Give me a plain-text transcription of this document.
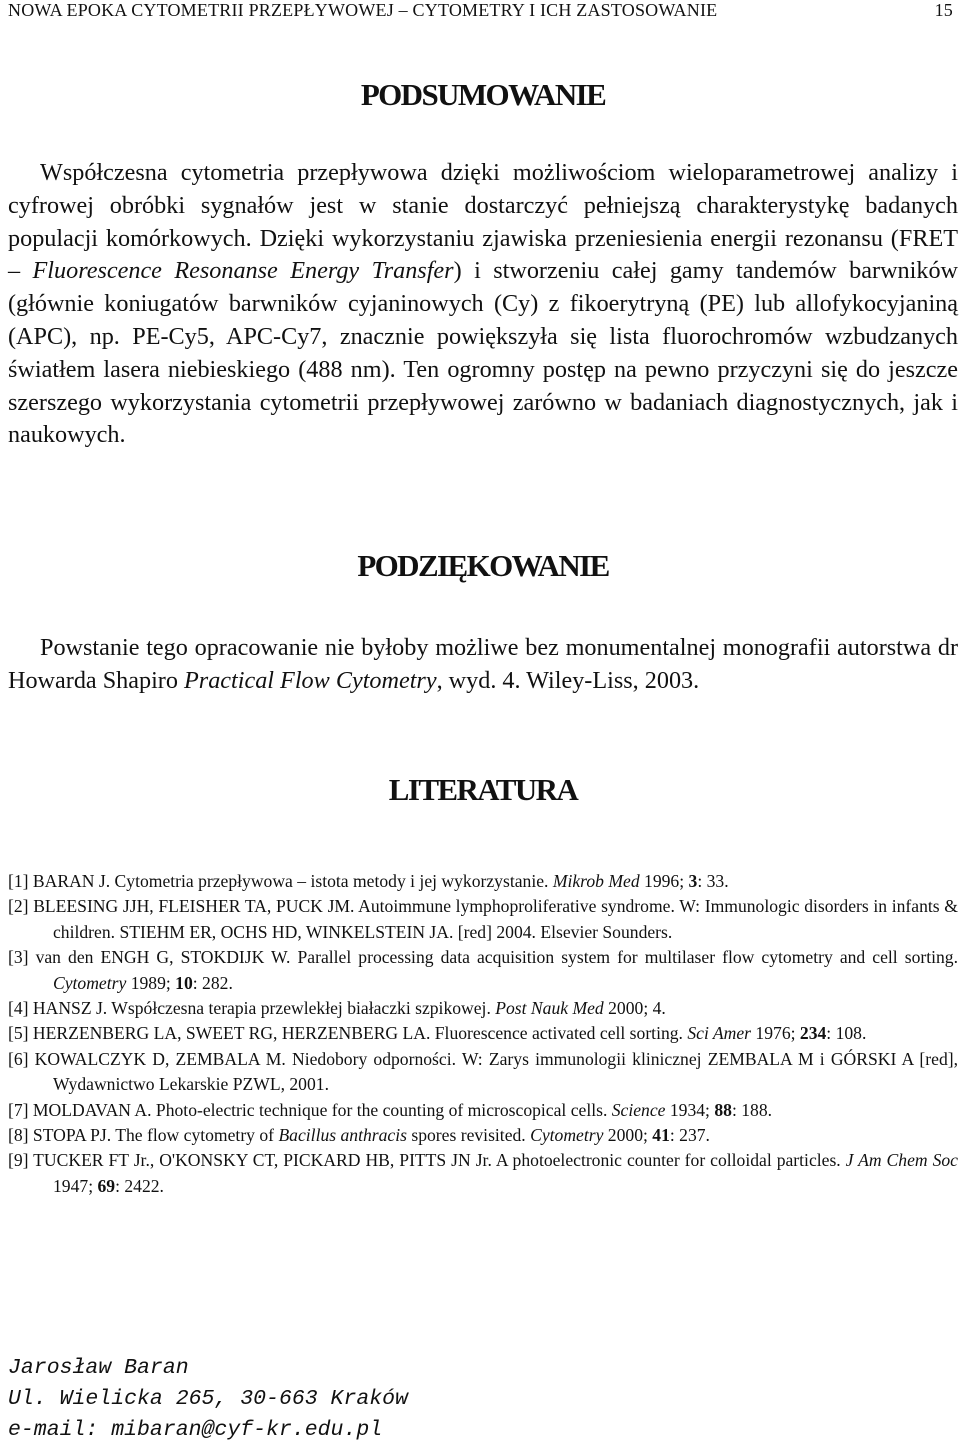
NOWA EPOKA CYTOMETRII PRZEPŁYWOWEJ – CYTOMETRY I ICH ZASTOSOWANIE	15
PODSUMOWANIE

Współczesna cytometria przepływowa dzięki możliwościom wieloparametrowej analizy i cyfrowej obróbki sygnałów jest w stanie dostarczyć pełniejszą charakterystykę badanych populacji komórkowych. Dzięki wykorzystaniu zjawiska przeniesienia energii rezonansu (FRET – Fluorescence Resonanse Energy Transfer) i stworzeniu całej gamy tandemów barwników (głównie koniugatów barwników cyjaninowych (Cy) z fikoerytryną (PE) lub allofykocyjaniną (APC), np. PE-Cy5, APC-Cy7, znacznie powiększyła się lista fluorochromów wzbudzanych światłem lasera niebieskiego (488 nm). Ten ogromny postęp na pewno przyczyni się do jeszcze szerszego wykorzystania cytometrii przepływowej zarówno w badaniach diagnostycznych, jak i naukowych.

PODZIĘKOWANIE

Powstanie tego opracowanie nie byłoby możliwe bez monumentalnej monografii autorstwa dr Howarda Shapiro Practical Flow Cytometry, wyd. 4. Wiley-Liss, 2003.

LITERATURA
[1] BARAN J. Cytometria przepływowa – istota metody i jej wykorzystanie. Mikrob Med 1996; 3: 33.
[2] BLEESING JJH, FLEISHER TA, PUCK JM. Autoimmune lymphoproliferative syndrome. W: Immunologic disorders in infants & children. STIEHM ER, OCHS HD, WINKELSTEIN JA. [red] 2004. Elsevier Sounders.
[3] van den ENGH G, STOKDIJK W. Parallel processing data acquisition system for multilaser flow cytometry and cell sorting. Cytometry 1989; 10: 282.
[4] HANSZ J. Współczesna terapia przewlekłej białaczki szpikowej. Post Nauk Med 2000; 4.
[5] HERZENBERG LA, SWEET RG, HERZENBERG LA. Fluorescence activated cell sorting. Sci Amer 1976; 234: 108.
[6] KOWALCZYK D, ZEMBALA M. Niedobory odporności. W: Zarys immunologii klinicznej ZEMBALA M i GÓRSKI A [red], Wydawnictwo Lekarskie PZWL, 2001.
[7] MOLDAVAN A. Photo-electric technique for the counting of microscopical cells. Science 1934; 88: 188.
[8] STOPA PJ. The flow cytometry of Bacillus anthracis spores revisited. Cytometry 2000; 41: 237.
[9] TUCKER FT Jr., O'KONSKY CT, PICKARD HB, PITTS JN Jr. A photoelectronic counter for colloidal particles. J Am Chem Soc 1947; 69: 2422.
Jarosław Baran
Ul. Wielicka 265, 30-663 Kraków
e-mail: mibaran@cyf-kr.edu.pl
